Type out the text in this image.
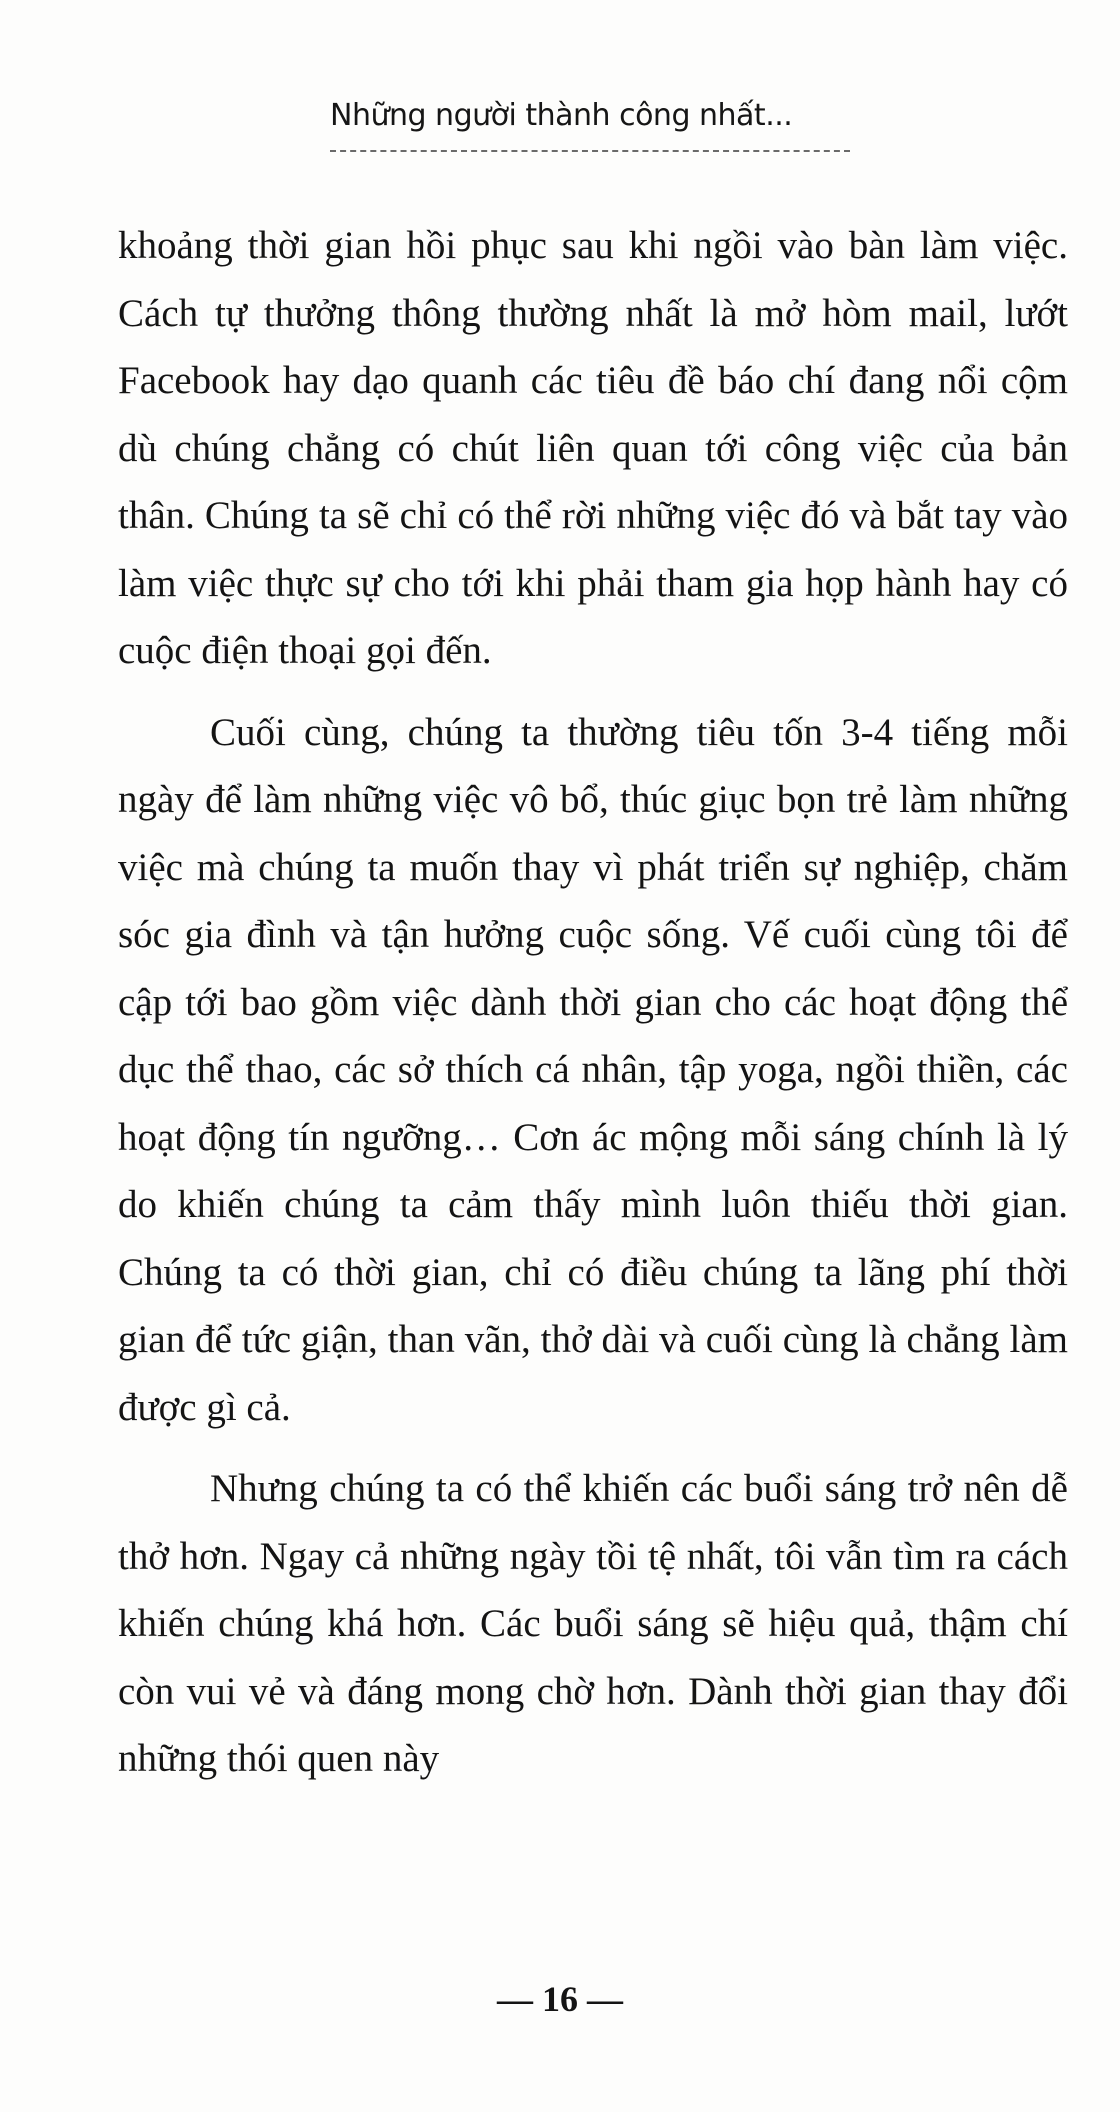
Những người thành công nhất...

khoảng thời gian hồi phục sau khi ngồi vào bàn làm việc. Cách tự thưởng thông thường nhất là mở hòm mail, lướt Facebook hay dạo quanh các tiêu đề báo chí đang nổi cộm dù chúng chẳng có chút liên quan tới công việc của bản thân. Chúng ta sẽ chỉ có thể rời những việc đó và bắt tay vào làm việc thực sự cho tới khi phải tham gia họp hành hay có cuộc điện thoại gọi đến.

Cuối cùng, chúng ta thường tiêu tốn 3-4 tiếng mỗi ngày để làm những việc vô bổ, thúc giục bọn trẻ làm những việc mà chúng ta muốn thay vì phát triển sự nghiệp, chăm sóc gia đình và tận hưởng cuộc sống. Vế cuối cùng tôi để cập tới bao gồm việc dành thời gian cho các hoạt động thể dục thể thao, các sở thích cá nhân, tập yoga, ngồi thiền, các hoạt động tín ngưỡng… Cơn ác mộng mỗi sáng chính là lý do khiến chúng ta cảm thấy mình luôn thiếu thời gian. Chúng ta có thời gian, chỉ có điều chúng ta lãng phí thời gian để tức giận, than vãn, thở dài và cuối cùng là chẳng làm được gì cả.

Nhưng chúng ta có thể khiến các buổi sáng trở nên dễ thở hơn. Ngay cả những ngày tồi tệ nhất, tôi vẫn tìm ra cách khiến chúng khá hơn. Các buổi sáng sẽ hiệu quả, thậm chí còn vui vẻ và đáng mong chờ hơn. Dành thời gian thay đổi những thói quen này

— 16 —
